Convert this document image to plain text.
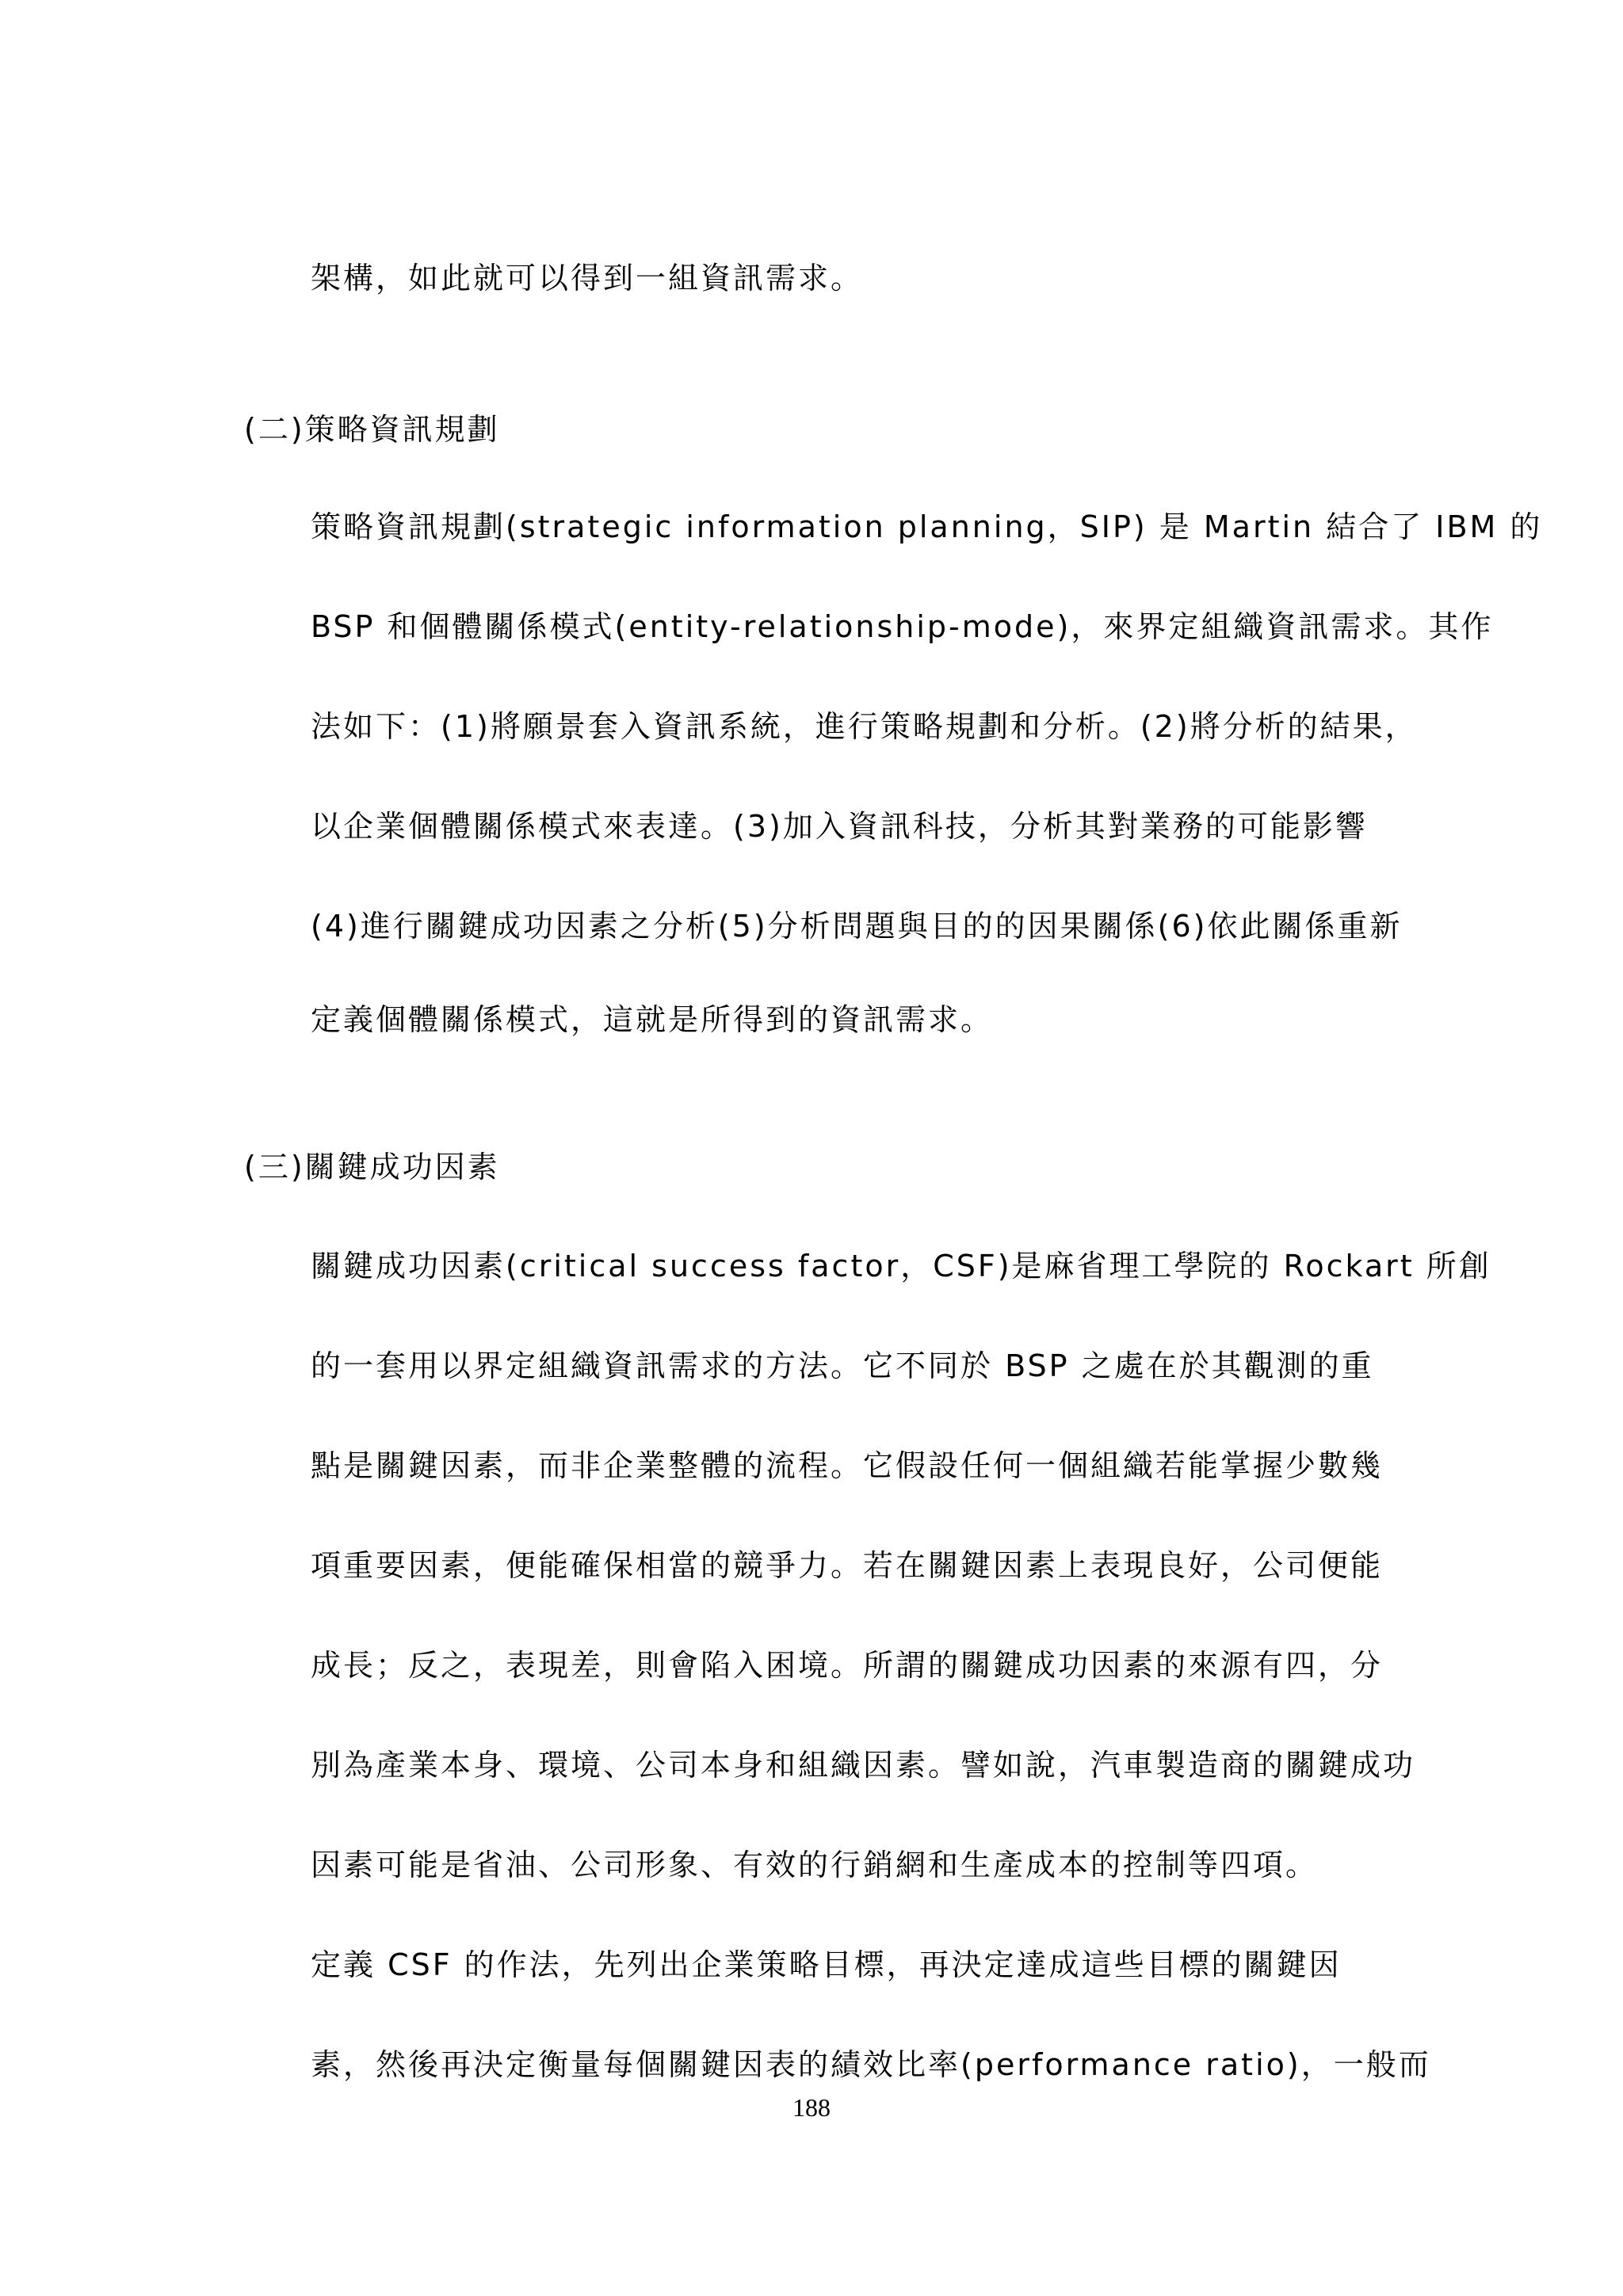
架構，如此就可以得到一組資訊需求。
(二)策略資訊規劃
策略資訊規劃(strategic information planning，SIP) 是 Martin 結合了 IBM 的
BSP 和個體關係模式(entity-relationship-mode)，來界定組織資訊需求。其作
法如下：(1)將願景套入資訊系統，進行策略規劃和分析。(2)將分析的結果，
以企業個體關係模式來表達。(3)加入資訊科技，分析其對業務的可能影響
(4)進行關鍵成功因素之分析(5)分析問題與目的的因果關係(6)依此關係重新
定義個體關係模式，這就是所得到的資訊需求。
(三)關鍵成功因素
關鍵成功因素(critical success factor，CSF)是麻省理工學院的 Rockart 所創
的一套用以界定組織資訊需求的方法。它不同於 BSP 之處在於其觀測的重
點是關鍵因素，而非企業整體的流程。它假設任何一個組織若能掌握少數幾
項重要因素，便能確保相當的競爭力。若在關鍵因素上表現良好，公司便能
成長；反之，表現差，則會陷入困境。所謂的關鍵成功因素的來源有四，分
別為產業本身、環境、公司本身和組織因素。譬如說，汽車製造商的關鍵成功
因素可能是省油、公司形象、有效的行銷網和生產成本的控制等四項。
定義 CSF 的作法，先列出企業策略目標，再決定達成這些目標的關鍵因
素，然後再決定衡量每個關鍵因表的績效比率(performance ratio)，一般而
188
